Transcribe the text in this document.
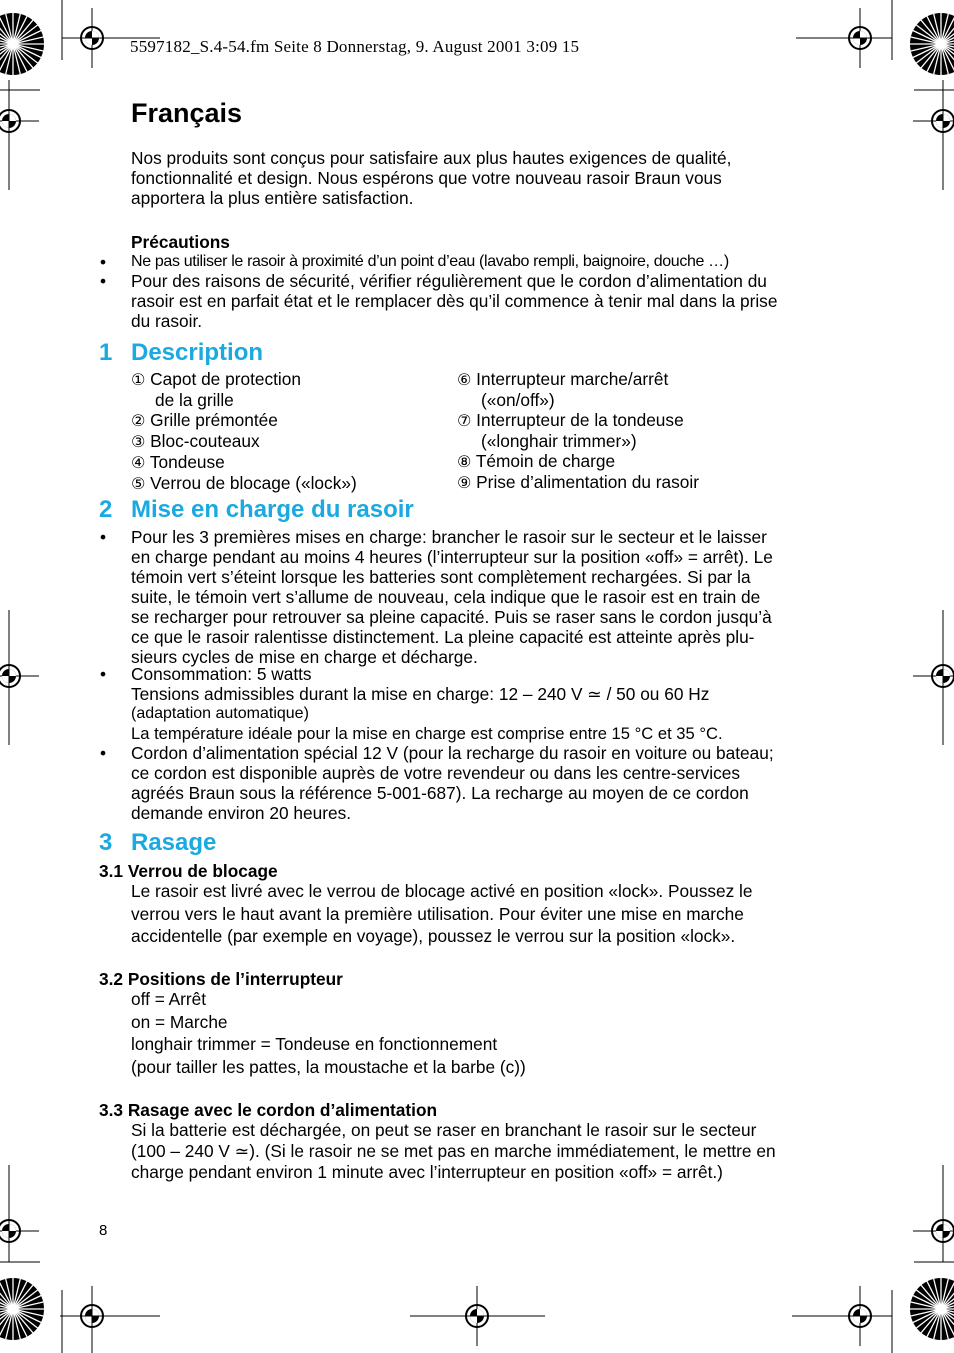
5597182_S.4-54.fm Seite 8 Donnerstag, 9. August 2001 3:09 15
Français
Nos produits sont conçus pour satisfaire aux plus hautes exigences de qualité,
fonctionnalité et design. Nous espérons que votre nouveau rasoir Braun vous
apportera la plus entière satisfaction.
Précautions
• Ne pas utiliser le rasoir à proximité d’un point d’eau (lavabo rempli, baignoire, douche …)
• Pour des raisons de sécurité, vérifier régulièrement que le cordon d’alimentation du
rasoir est en parfait état et le remplacer dès qu’il commence à tenir mal dans la prise
du rasoir.
1 Description
① Capot de protection
de la grille
② Grille prémontée
③ Bloc-couteaux
④ Tondeuse
⑤ Verrou de blocage («lock»)
⑥ Interrupteur marche/arrêt
(«on/off»)
⑦ Interrupteur de la tondeuse
(«longhair trimmer»)
⑧ Témoin de charge
⑨ Prise d’alimentation du rasoir
2 Mise en charge du rasoir
• Pour les 3 premières mises en charge: brancher le rasoir sur le secteur et le laisser
en charge pendant au moins 4 heures (l’interrupteur sur la position «off» = arrêt). Le
témoin vert s’éteint lorsque les batteries sont complètement rechargées. Si par la
suite, le témoin vert s’allume de nouveau, cela indique que le rasoir est en train de
se recharger pour retrouver sa pleine capacité. Puis se raser sans le cordon jusqu’à
ce que le rasoir ralentisse distinctement. La pleine capacité est atteinte après plu-
sieurs cycles de mise en charge et décharge.
• Consommation: 5 watts
Tensions admissibles durant la mise en charge: 12 – 240 V ≃ / 50 ou 60 Hz
(adaptation automatique)
La température idéale pour la mise en charge est comprise entre 15 °C et 35 °C.
• Cordon d’alimentation spécial 12 V (pour la recharge du rasoir en voiture ou bateau;
ce cordon est disponible auprès de votre revendeur ou dans les centre-services
agréés Braun sous la référence 5-001-687). La recharge au moyen de ce cordon
demande environ 20 heures.
3 Rasage
3.1 Verrou de blocage
Le rasoir est livré avec le verrou de blocage activé en position «lock». Poussez le
verrou vers le haut avant la première utilisation. Pour éviter une mise en marche
accidentelle (par exemple en voyage), poussez le verrou sur la position «lock».
3.2 Positions de l’interrupteur
off = Arrêt
on = Marche
longhair trimmer = Tondeuse en fonctionnement
(pour tailler les pattes, la moustache et la barbe (c))
3.3 Rasage avec le cordon d’alimentation
Si la batterie est déchargée, on peut se raser en branchant le rasoir sur le secteur
(100 – 240 V ≃). (Si le rasoir ne se met pas en marche immédiatement, le mettre en
charge pendant environ 1 minute avec l’interrupteur en position «off» = arrêt.)
8
